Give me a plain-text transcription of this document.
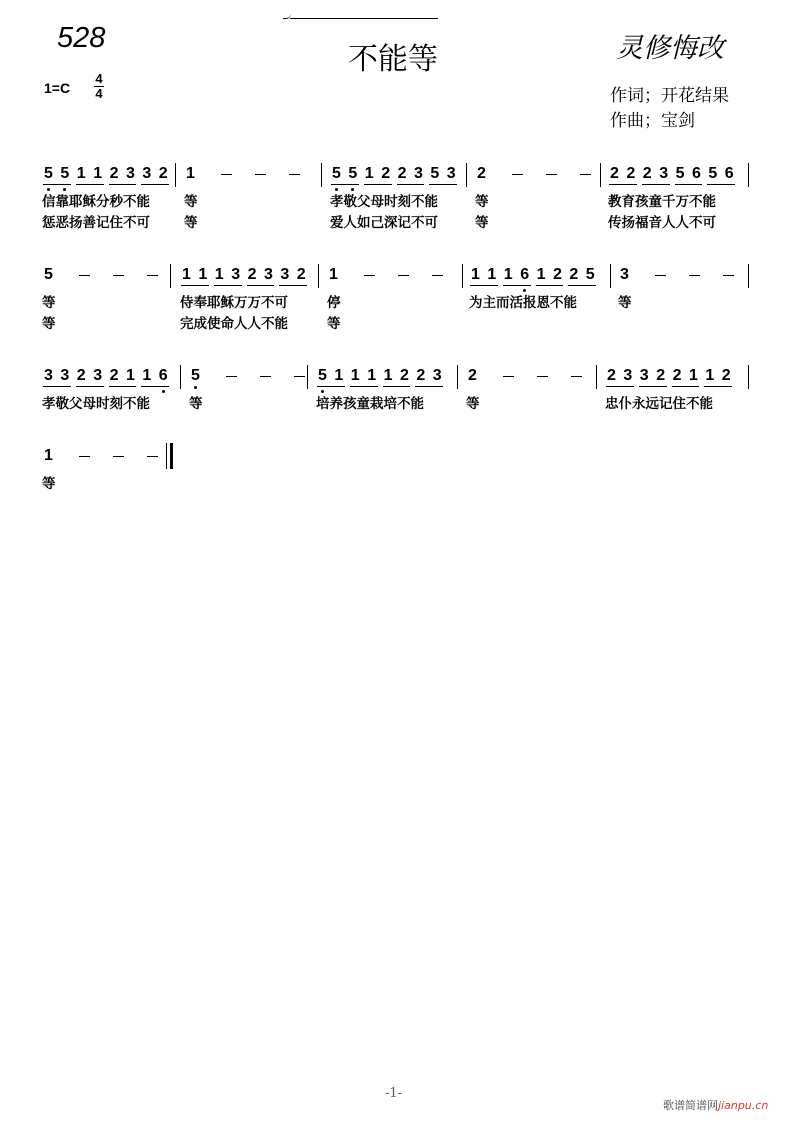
528
不能等	灵修悔改
1=C
4
4	作词；开花结果
作曲；宝剑
5 5 1 1 2 3 3 2
信靠耶稣分秒不能
惩恶扬善记住不可
1
等
等
5 5 1 2 2 3 5 3
孝敬父母时刻不能
爱人如己深记不可
2
等
等
2 2 2 3 5 6 5 6
教育孩童千万不能
传扬福音人人不可
5
等
等
1 1 1 3 2 3 3 2
侍奉耶稣万万不可
完成使命人人不能
1
停
等
1 1 1 6 1 2 2 5
为主而活报恩不能
3
等
3 3 2 3 2 1 1 6
孝敬父母时刻不能
5
等
5 1 1 1 1 2 2 3
培养孩童栽培不能
2
等
2 3 3 2 2 1 1 2
忠仆永远记住不能
1
等
-1-
歌谱简谱网jianpu.cn
